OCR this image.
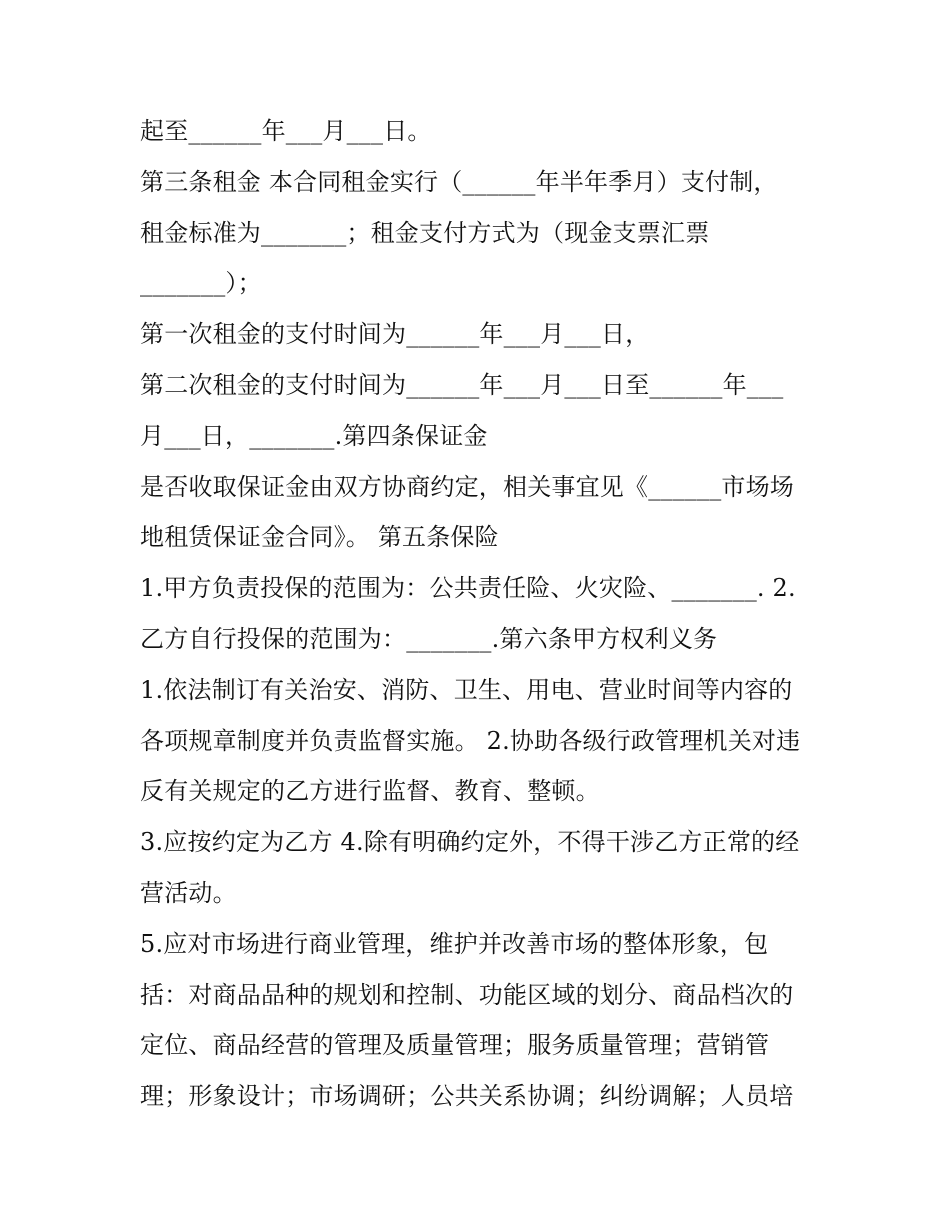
起至______年___月___日。
第三条租金 本合同租金实行（______年半年季月）支付制，
租金标准为_______；租金支付方式为（现金支票汇票
_______）；
第一次租金的支付时间为______年___月___日，
第二次租金的支付时间为______年___月___日至______年___
月___日，_______.第四条保证金
是否收取保证金由双方协商约定，相关事宜见《______市场场
地租赁保证金合同》。 第五条保险
1.甲方负责投保的范围为：公共责任险、火灾险、_______. 2.
乙方自行投保的范围为：_______.第六条甲方权利义务
1.依法制订有关治安、消防、卫生、用电、营业时间等内容的
各项规章制度并负责监督实施。 2.协助各级行政管理机关对违
反有关规定的乙方进行监督、教育、整顿。
3.应按约定为乙方 4.除有明确约定外，不得干涉乙方正常的经
营活动。
5.应对市场进行商业管理，维护并改善市场的整体形象，包
括：对商品品种的规划和控制、功能区域的划分、商品档次的
定位、商品经营的管理及质量管理；服务质量管理；营销管
理；形象设计；市场调研；公共关系协调；纠纷调解；人员培
